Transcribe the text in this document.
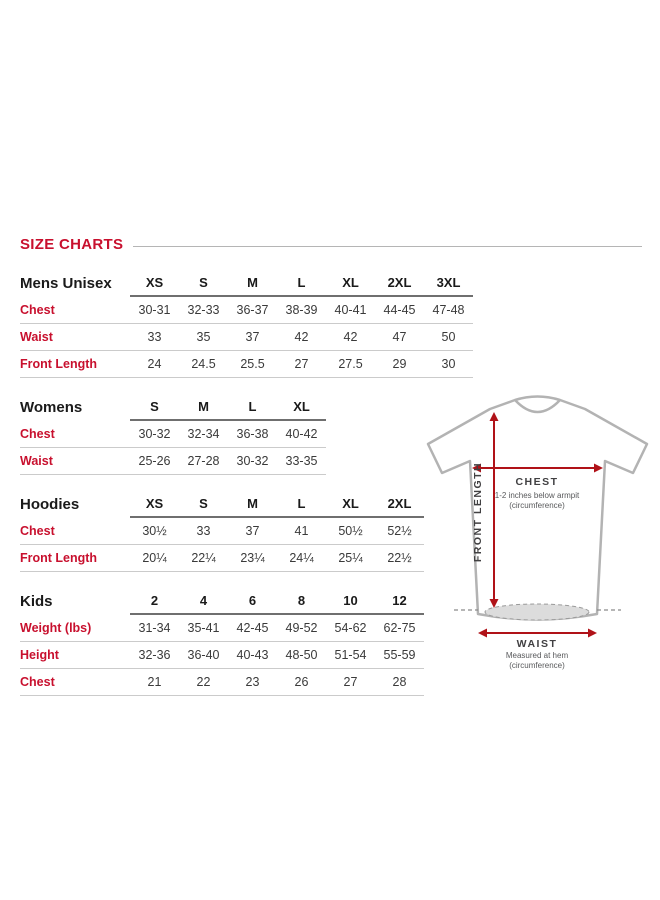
SIZE CHARTS
Mens Unisex	XS	S	M	L	XL	2XL	3XL
Chest	30-31	32-33	36-37	38-39	40-41	44-45	47-48
Waist	33	35	37	42	42	47	50
Front Length	24	24.5	25.5	27	27.5	29	30
Womens	S	M	L	XL
Chest	30-32	32-34	36-38	40-42
Waist	25-26	27-28	30-32	33-35
Hoodies	XS	S	M	L	XL	2XL
Chest	30½	33	37	41	50½	52½
Front Length	20¼	22¼	23¼	24¼	25¼	22½
Kids	2	4	6	8	10	12
Weight (lbs)	31-34	35-41	42-45	49-52	54-62	62-75
Height	32-36	36-40	40-43	48-50	51-54	55-59
Chest	21	22	23	26	27	28
CHEST
1-2 inches below armpit (circumference)
FRONT LENGTH
WAIST
Measured at hem (circumference)
